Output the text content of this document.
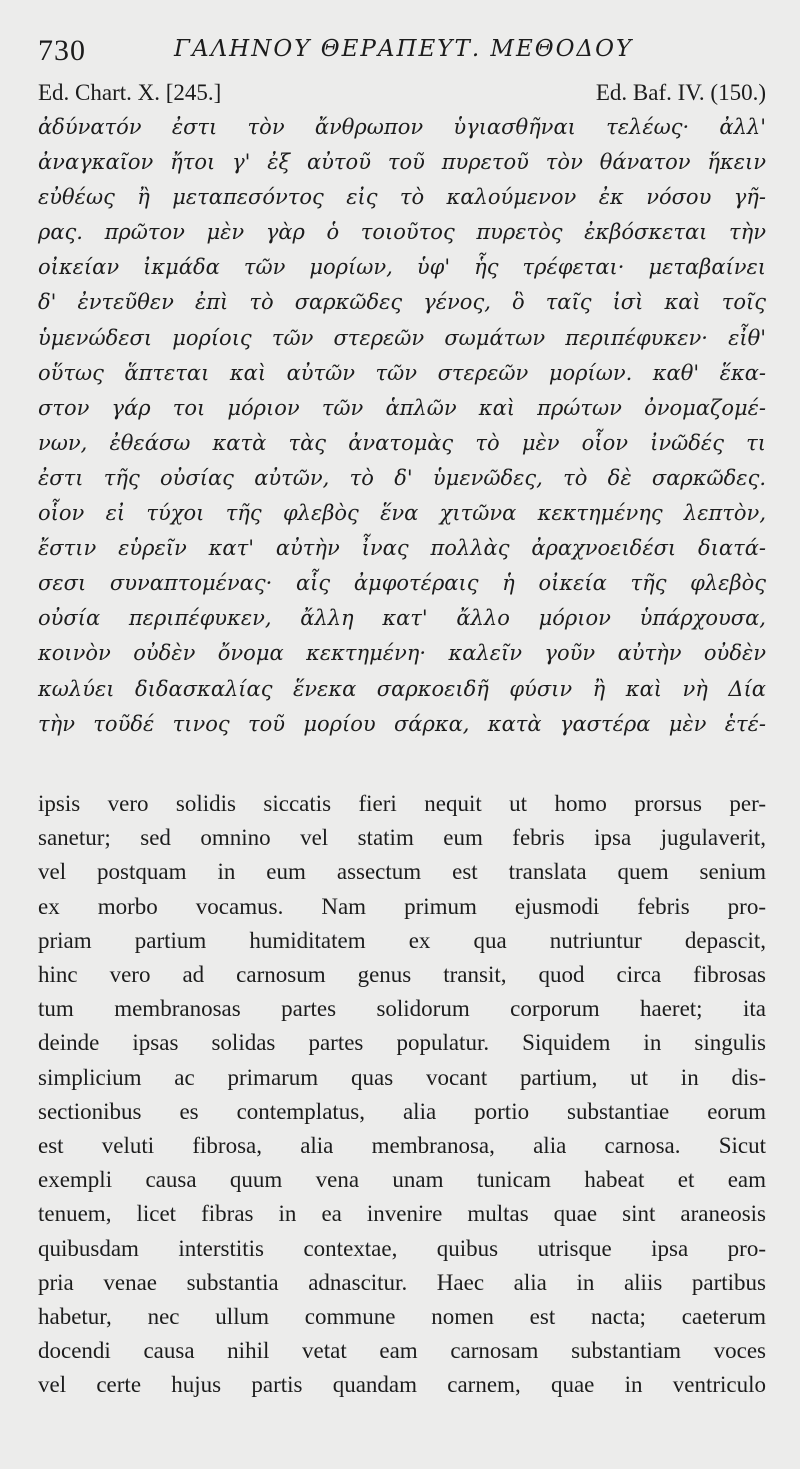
730	ΓΑΛΗΝΟΥ ΘΕΡΑΠΕΥΤ. ΜΕΘΟΔΟΥ
Ed. Chart. X. [245.]	Ed. Baf. IV. (150.)
ἀδύνατόν ἐστι τὸν ἄνθρωπον ὑγιασθῆναι τελέως· ἀλλ'
ἀναγκαῖον ἤτοι γ' ἐξ αὐτοῦ τοῦ πυρετοῦ τὸν θάνατον ἥκειν
εὐθέως ἢ μεταπεσόντος εἰς τὸ καλούμενον ἐκ νόσου γῆ-
ρας. πρῶτον μὲν γὰρ ὁ τοιοῦτος πυρετὸς ἐκβόσκεται τὴν
οἰκείαν ἰκμάδα τῶν μορίων, ὑφ' ἧς τρέφεται· μεταβαίνει
δ' ἐντεῦθεν ἐπὶ τὸ σαρκῶδες γένος, ὃ ταῖς ἰσὶ καὶ τοῖς
ὑμενώδεσι μορίοις τῶν στερεῶν σωμάτων περιπέφυκεν· εἶθ'
οὕτως ἅπτεται καὶ αὐτῶν τῶν στερεῶν μορίων. καθ' ἕκα-
στον γάρ τοι μόριον τῶν ἁπλῶν καὶ πρώτων ὀνομαζομέ-
νων, ἐθεάσω κατὰ τὰς ἀνατομὰς τὸ μὲν οἷον ἰνῶδές τι
ἐστι τῆς οὐσίας αὐτῶν, τὸ δ' ὑμενῶδες, τὸ δὲ σαρκῶδες.
οἷον εἰ τύχοι τῆς φλεβὸς ἕνα χιτῶνα κεκτημένης λεπτὸν,
ἔστιν εὑρεῖν κατ' αὐτὴν ἶνας πολλὰς ἀραχνοειδέσι διατά-
σεσι συναπτομένας· αἷς ἀμφοτέραις ἡ οἰκεία τῆς φλεβὸς
οὐσία περιπέφυκεν, ἄλλη κατ' ἄλλο μόριον ὑπάρχουσα,
κοινὸν οὐδὲν ὄνομα κεκτημένη· καλεῖν γοῦν αὐτὴν οὐδὲν
κωλύει διδασκαλίας ἕνεκα σαρκοειδῆ φύσιν ἢ καὶ νὴ Δία
τὴν τοῦδέ τινος τοῦ μορίου σάρκα, κατὰ γαστέρα μὲν ἑτέ-
ipsis vero solidis siccatis fieri nequit ut homo prorsus per-
sanetur; sed omnino vel statim eum febris ipsa jugulaverit,
vel postquam in eum assectum est translata quem senium
ex morbo vocamus. Nam primum ejusmodi febris pro-
priam partium humiditatem ex qua nutriuntur depascit,
hinc vero ad carnosum genus transit, quod circa fibrosas
tum membranosas partes solidorum corporum haeret; ita
deinde ipsas solidas partes populatur. Siquidem in singulis
simplicium ac primarum quas vocant partium, ut in dis-
sectionibus es contemplatus, alia portio substantiae eorum
est veluti fibrosa, alia membranosa, alia carnosa. Sicut
exempli causa quum vena unam tunicam habeat et eam
tenuem, licet fibras in ea invenire multas quae sint araneosis
quibusdam interstitis contextae, quibus utrisque ipsa pro-
pria venae substantia adnascitur. Haec alia in aliis partibus
habetur, nec ullum commune nomen est nacta; caeterum
docendi causa nihil vetat eam carnosam substantiam voces
vel certe hujus partis quandam carnem, quae in ventriculo
